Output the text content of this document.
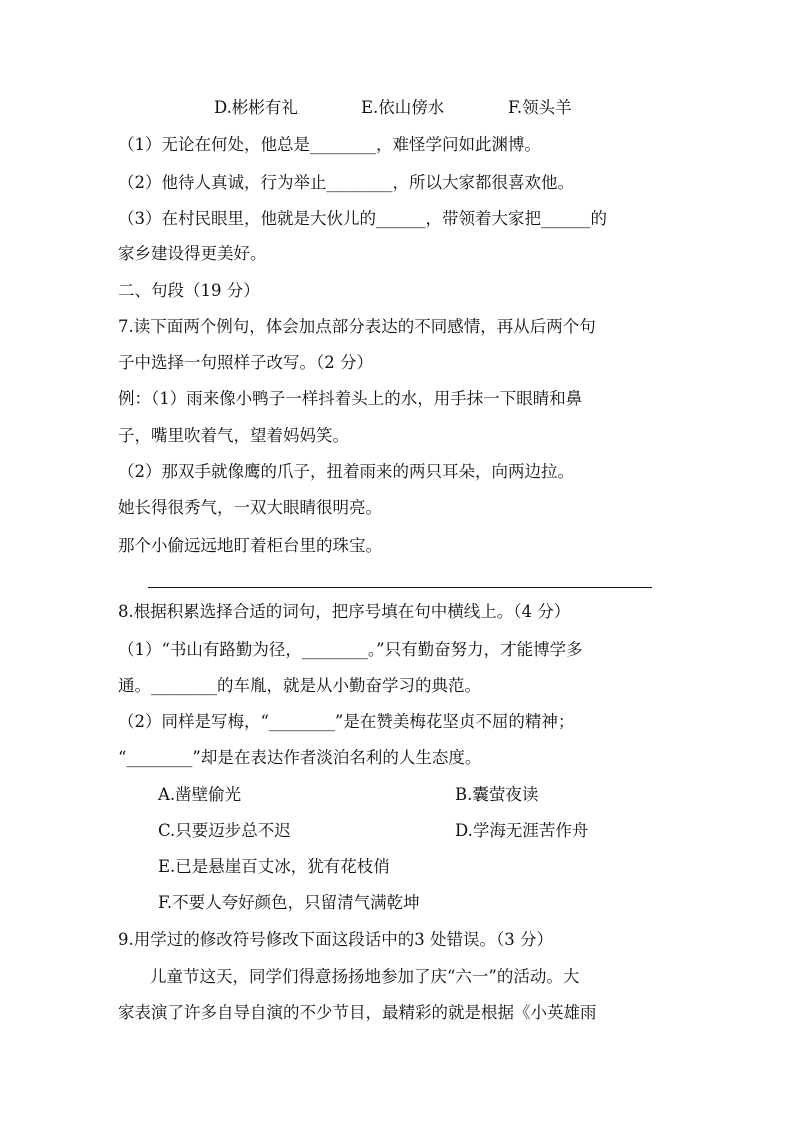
D.彬彬有礼	E.依山傍水	F.领头羊
（1）无论在何处，他总是________，难怪学问如此渊博。
（2）他待人真诚，行为举止________，所以大家都很喜欢他。
（3）在村民眼里，他就是大伙儿的______，带领着大家把______的
家乡建设得更美好。
二、句段（19 分）
7.读下面两个例句，体会加点部分表达的不同感情，再从后两个句
子中选择一句照样子改写。（2 分）
例：（1）雨来像小鸭子一样抖着头上的水，用手抹一下眼睛和鼻
子，嘴里吹着气，望着妈妈笑。
（2）那双手就像鹰的爪子，扭着雨来的两只耳朵，向两边拉。
她长得很秀气，一双大眼睛很明亮。
那个小偷远远地盯着柜台里的珠宝。
8.根据积累选择合适的词句，把序号填在句中横线上。（4 分）
（1）“书山有路勤为径，________。”只有勤奋努力，才能博学多
通。________的车胤，就是从小勤奋学习的典范。
（2）同样是写梅，“________”是在赞美梅花坚贞不屈的精神；
“________”却是在表达作者淡泊名利的人生态度。
A.凿壁偷光	B.囊萤夜读
C.只要迈步总不迟	D.学海无涯苦作舟
E.已是悬崖百丈冰，犹有花枝俏
F.不要人夸好颜色，只留清气满乾坤
9.用学过的修改符号修改下面这段话中的3 处错误。（3 分）
儿童节这天，同学们得意扬扬地参加了庆“六一”的活动。大
家表演了许多自导自演的不少节目，最精彩的就是根据《小英雄雨
